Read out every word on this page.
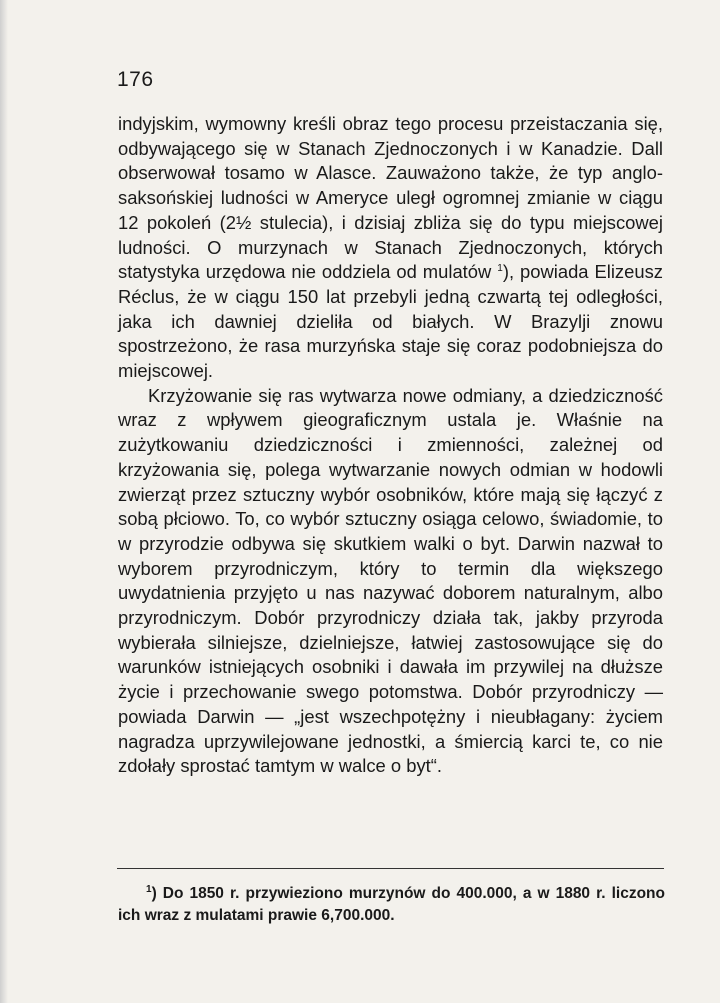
176

indyjskim, wymowny kreśli obraz tego procesu przeistaczania się, odbywającego się w Stanach Zjednoczonych i w Kanadzie. Dall obserwował tosamo w Alasce. Zauważono także, że typ anglo-saksońskiej ludności w Ameryce uległ ogromnej zmianie w ciągu 12 pokoleń (2½ stulecia), i dzisiaj zbliża się do typu miejscowej ludności. O murzynach w Stanach Zjednoczonych, których statystyka urzędowa nie oddziela od mulatów $^1$), powiada Elizeusz Réclus, że w ciągu 150 lat przebyli jedną czwartą tej odległości, jaka ich dawniej dzieliła od białych. W Brazylji znowu spostrzeżono, że rasa murzyńska staje się coraz podobniejsza do miejscowej.

Krzyżowanie się ras wytwarza nowe odmiany, a dziedziczność wraz z wpływem gieograficznym ustala je. Właśnie na zużytkowaniu dziedziczności i zmienności, zależnej od krzyżowania się, polega wytwarzanie nowych odmian w hodowli zwierząt przez sztuczny wybór osobników, które mają się łączyć z sobą płciowo. To, co wybór sztuczny osiąga celowo, świadomie, to w przyrodzie odbywa się skutkiem walki o byt. Darwin nazwał to wyborem przyrodniczym, który to termin dla większego uwydatnienia przyjęto u nas nazywać doborem naturalnym, albo przyrodniczym. Dobór przyrodniczy działa tak, jakby przyroda wybierała silniejsze, dzielniejsze, łatwiej zastosowujące się do warunków istniejących osobniki i dawała im przywilej na dłuższe życie i przechowanie swego potomstwa. Dobór przyrodniczy — powiada Darwin — „jest wszechpotężny i nieubłagany: życiem nagradza uprzywilejowane jednostki, a śmiercią karci te, co nie zdołały sprostać tamtym w walce o byt“.

$^1$) Do 1850 r. przywieziono murzynów do 400.000, a w 1880 r. liczono ich wraz z mulatami prawie 6,700.000.
